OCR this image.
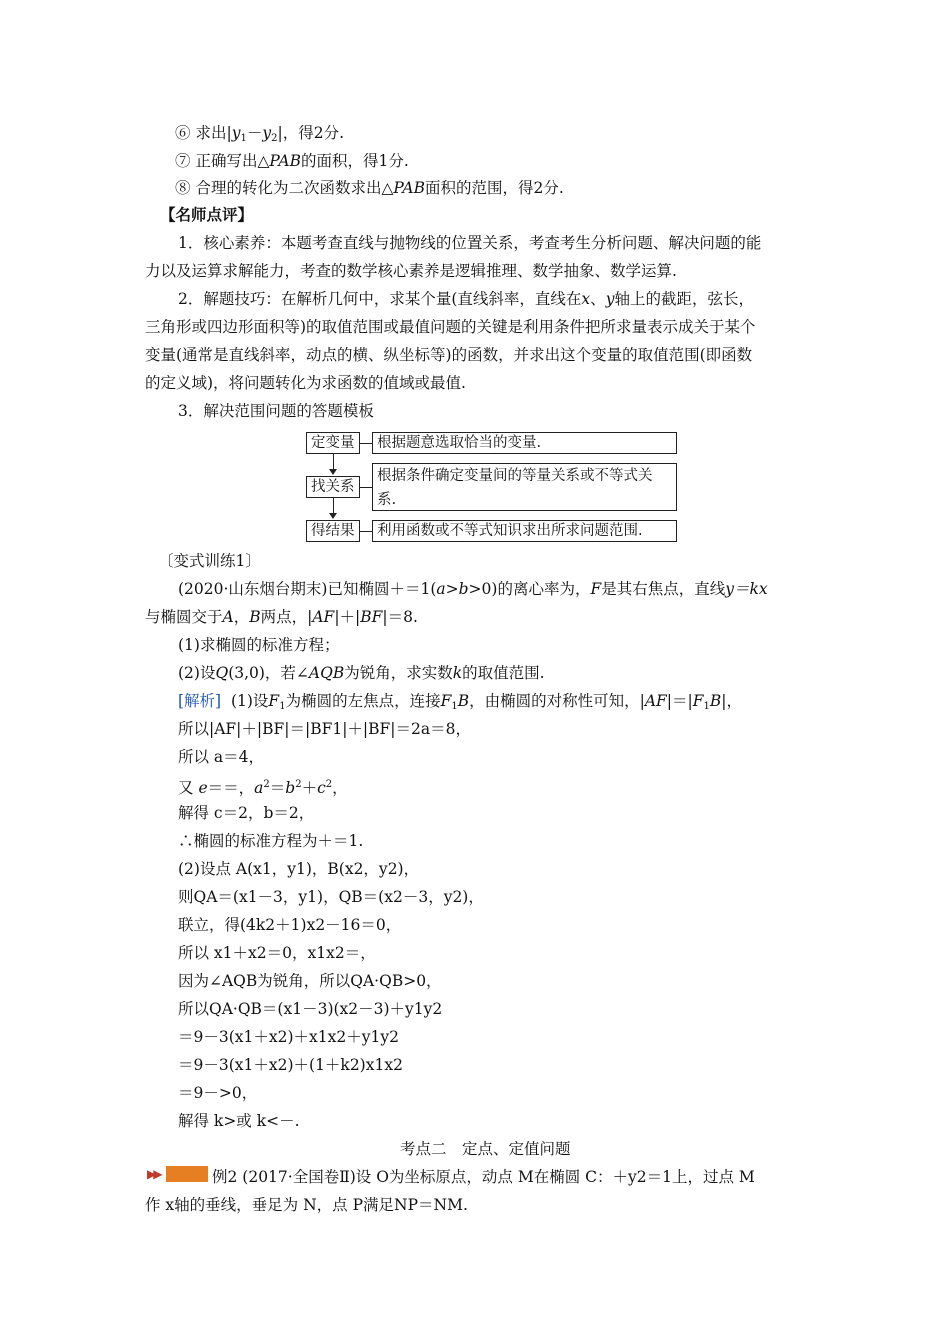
⑥ 求出$|y_1-y_2|$，得2分.
⑦ 正确写出△PAB的面积，得1分.
⑧ 合理的转化为二次函数求出△PAB面积的范围，得2分.
【名师点评】
1．核心素养：本题考查直线与抛物线的位置关系，考查考生分析问题、解决问题的能
力以及运算求解能力，考查的数学核心素养是逻辑推理、数学抽象、数学运算.
2．解题技巧：在解析几何中，求某个量(直线斜率，直线在x、y轴上的截距，弦长，
三角形或四边形面积等)的取值范围或最值问题的关键是利用条件把所求量表示成关于某个
变量(通常是直线斜率，动点的横、纵坐标等)的函数，并求出这个变量的取值范围(即函数
的定义域)，将问题转化为求函数的值域或最值.
3．解决范围问题的答题模板
定变量	根据题意选取恰当的变量.
找关系
根据条件确定变量间的等量关系或不等式关
系.
得结果	利用函数或不等式知识求出所求问题范围.
〔变式训练1〕
(2020·山东烟台期末)已知椭圆＋＝1(a>b>0)的离心率为，F是其右焦点，直线y＝kx
与椭圆交于A，B两点，|AF|＋|BF|＝8.
(1)求椭圆的标准方程；
(2)设Q(3,0)，若∠AQB为锐角，求实数k的取值范围.
[解析]  (1)设$F_1$为椭圆的左焦点，连接$F_1B$，由椭圆的对称性可知，$|AF|=|F_1B|$，
所以|AF|＋|BF|＝|BF1|＋|BF|＝2a＝8，
所以 a＝4，
又 e＝＝，$a^2=b^2+c^2$，
解得 c＝2，b＝2，
∴椭圆的标准方程为＋＝1.
(2)设点 A(x1，y1)，B(x2，y2)，
则QA＝(x1－3，y1)，QB＝(x2－3，y2)，
联立，得(4k2＋1)x2－16＝0，
所以 x1＋x2＝0，x1x2＝，
因为∠AQB为锐角，所以QA·QB>0，
所以QA·QB＝(x1－3)(x2－3)＋y1y2
＝9－3(x1＋x2)＋x1x2＋y1y2
＝9－3(x1＋x2)＋(1＋k2)x1x2
＝9－>0，
解得 k>或 k<－.
考点二　定点、定值问题
▶▶	例2 (2017·全国卷Ⅱ)设 O为坐标原点，动点 M在椭圆 C：＋y2＝1上，过点 M
作 x轴的垂线，垂足为 N，点 P满足NP＝NM.
